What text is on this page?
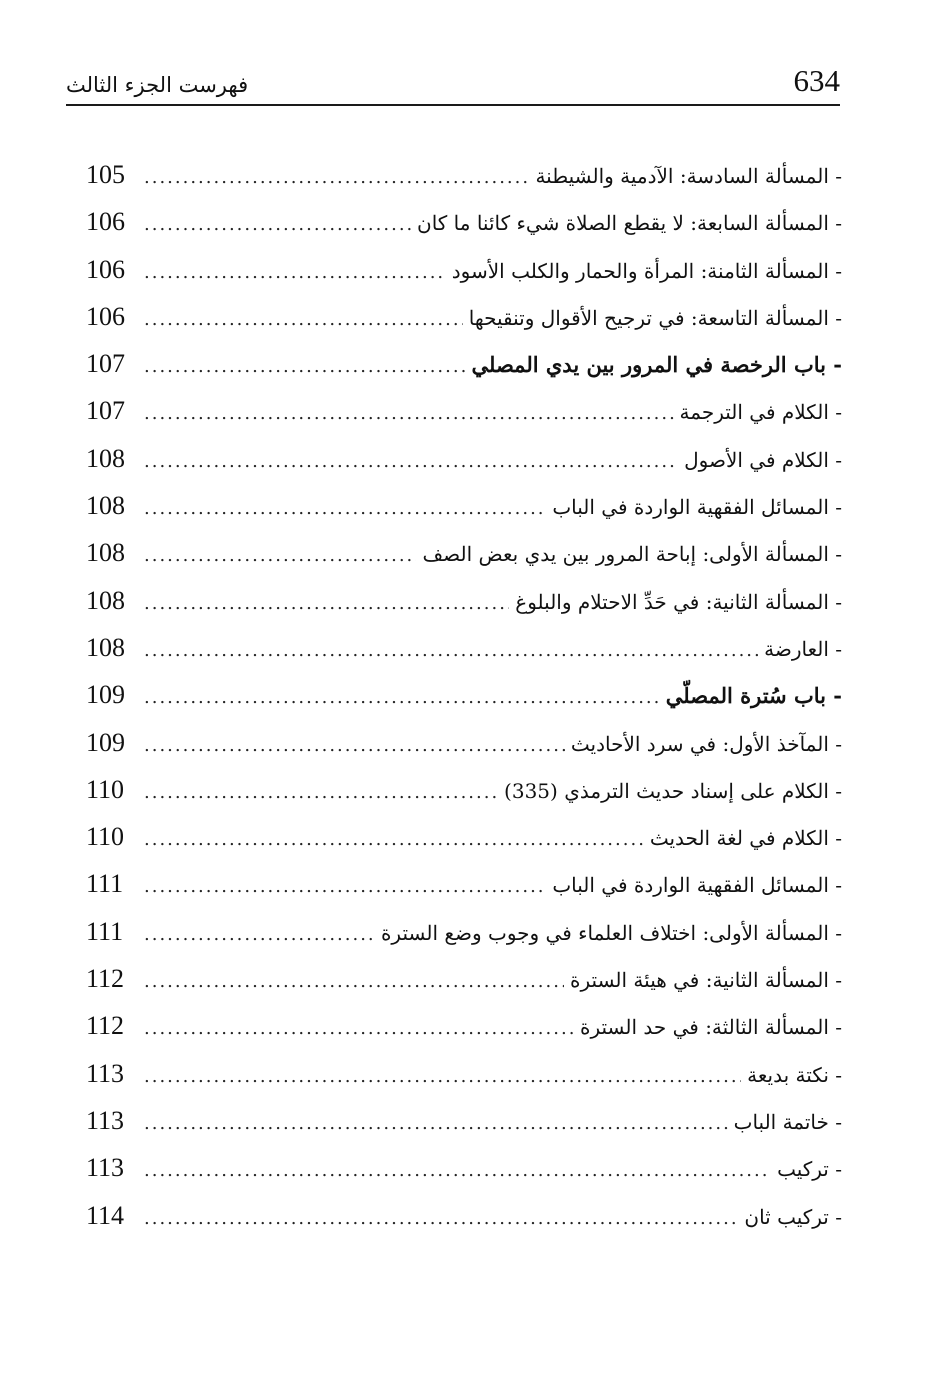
634
فهرست الجزء الثالث
- المسألة السادسة: الآدمية والشيطنة
.....
105
- المسألة السابعة: لا يقطع الصلاة شيء كائنا ما كان
.....
106
- المسألة الثامنة: المرأة والحمار والكلب الأسود
.....
106
- المسألة التاسعة: في ترجيح الأقوال وتنقيحها
.....
106
- باب الرخصة في المرور بين يدي المصلي
.....
107
- الكلام في الترجمة
.....
107
- الكلام في الأصول
.....
108
- المسائل الفقهية الواردة في الباب
.....
108
- المسألة الأولى: إباحة المرور بين يدي بعض الصف
.....
108
- المسألة الثانية: في حَدِّ الاحتلام والبلوغ
.....
108
- العارضة
.....
108
- باب سُترة المصلّي
.....
109
- المآخذ الأول: في سرد الأحاديث
.....
109
- الكلام على إسناد حديث الترمذي (335)
.....
110
- الكلام في لغة الحديث
.....
110
- المسائل الفقهية الواردة في الباب
.....
111
- المسألة الأولى: اختلاف العلماء في وجوب وضع السترة
.....
111
- المسألة الثانية: في هيئة السترة
.....
112
- المسألة الثالثة: في حد السترة
.....
112
- نكتة بديعة
.....
113
- خاتمة الباب
.....
113
- تركيب
.....
113
- تركيب ثان
.....
114
